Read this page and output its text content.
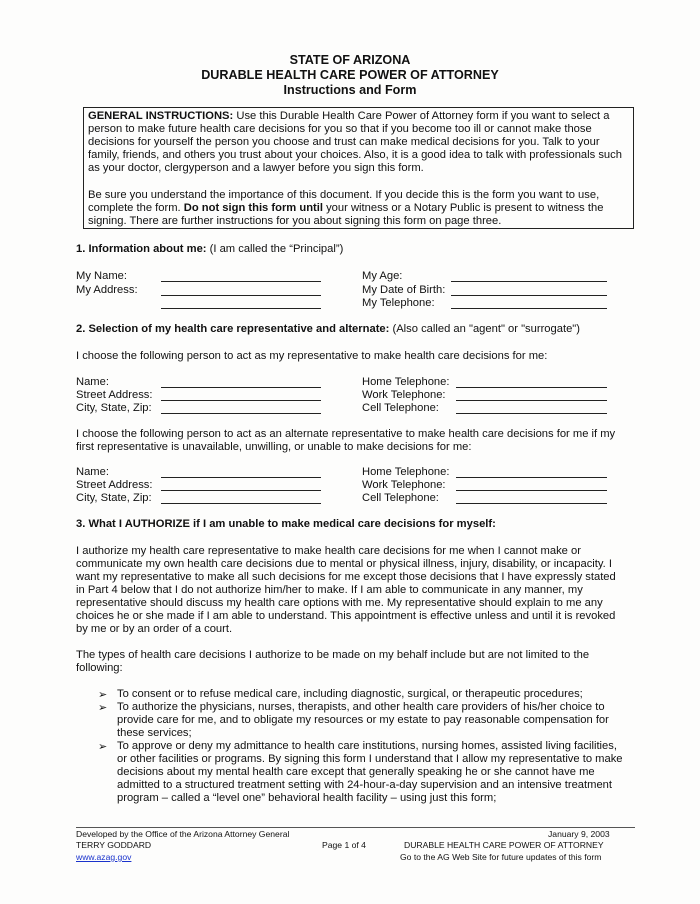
STATE OF ARIZONA
DURABLE HEALTH CARE POWER OF ATTORNEY
Instructions and Form
GENERAL INSTRUCTIONS: Use this Durable Health Care Power of Attorney form if you want to select a
person to make future health care decisions for you so that if you become too ill or cannot make those
decisions for yourself the person you choose and trust can make medical decisions for you. Talk to your
family, friends, and others you trust about your choices. Also, it is a good idea to talk with professionals such
as your doctor, clergyperson and a lawyer before you sign this form.
Be sure you understand the importance of this document. If you decide this is the form you want to use,
complete the form. Do not sign this form until your witness or a Notary Public is present to witness the
signing. There are further instructions for you about signing this form on page three.
1. Information about me: (I am called the “Principal”)
My Name:
My Address:
My Age:
My Date of Birth:
My Telephone:
2. Selection of my health care representative and alternate: (Also called an "agent" or "surrogate")
I choose the following person to act as my representative to make health care decisions for me:
Name:
Street Address:
City, State, Zip:
Home Telephone:
Work Telephone:
Cell Telephone:
I choose the following person to act as an alternate representative to make health care decisions for me if my
first representative is unavailable, unwilling, or unable to make decisions for me:
Name:
Street Address:
City, State, Zip:
Home Telephone:
Work Telephone:
Cell Telephone:
3. What I AUTHORIZE if I am unable to make medical care decisions for myself:
I authorize my health care representative to make health care decisions for me when I cannot make or
communicate my own health care decisions due to mental or physical illness, injury, disability, or incapacity. I
want my representative to make all such decisions for me except those decisions that I have expressly stated
in Part 4 below that I do not authorize him/her to make. If I am able to communicate in any manner, my
representative should discuss my health care options with me. My representative should explain to me any
choices he or she made if I am able to understand. This appointment is effective unless and until it is revoked
by me or by an order of a court.
The types of health care decisions I authorize to be made on my behalf include but are not limited to the
following:
➢ To consent or to refuse medical care, including diagnostic, surgical, or therapeutic procedures;
➢ To authorize the physicians, nurses, therapists, and other health care providers of his/her choice to
provide care for me, and to obligate my resources or my estate to pay reasonable compensation for
these services;
➢ To approve or deny my admittance to health care institutions, nursing homes, assisted living facilities,
or other facilities or programs. By signing this form I understand that I allow my representative to make
decisions about my mental health care except that generally speaking he or she cannot have me
admitted to a structured treatment setting with 24-hour-a-day supervision and an intensive treatment
program – called a “level one” behavioral health facility – using just this form;
Developed by the Office of the Arizona Attorney General
TERRY GODDARD
www.azag.gov
Page 1 of 4
January 9, 2003
DURABLE HEALTH CARE POWER OF ATTORNEY
Go to the AG Web Site for future updates of this form
